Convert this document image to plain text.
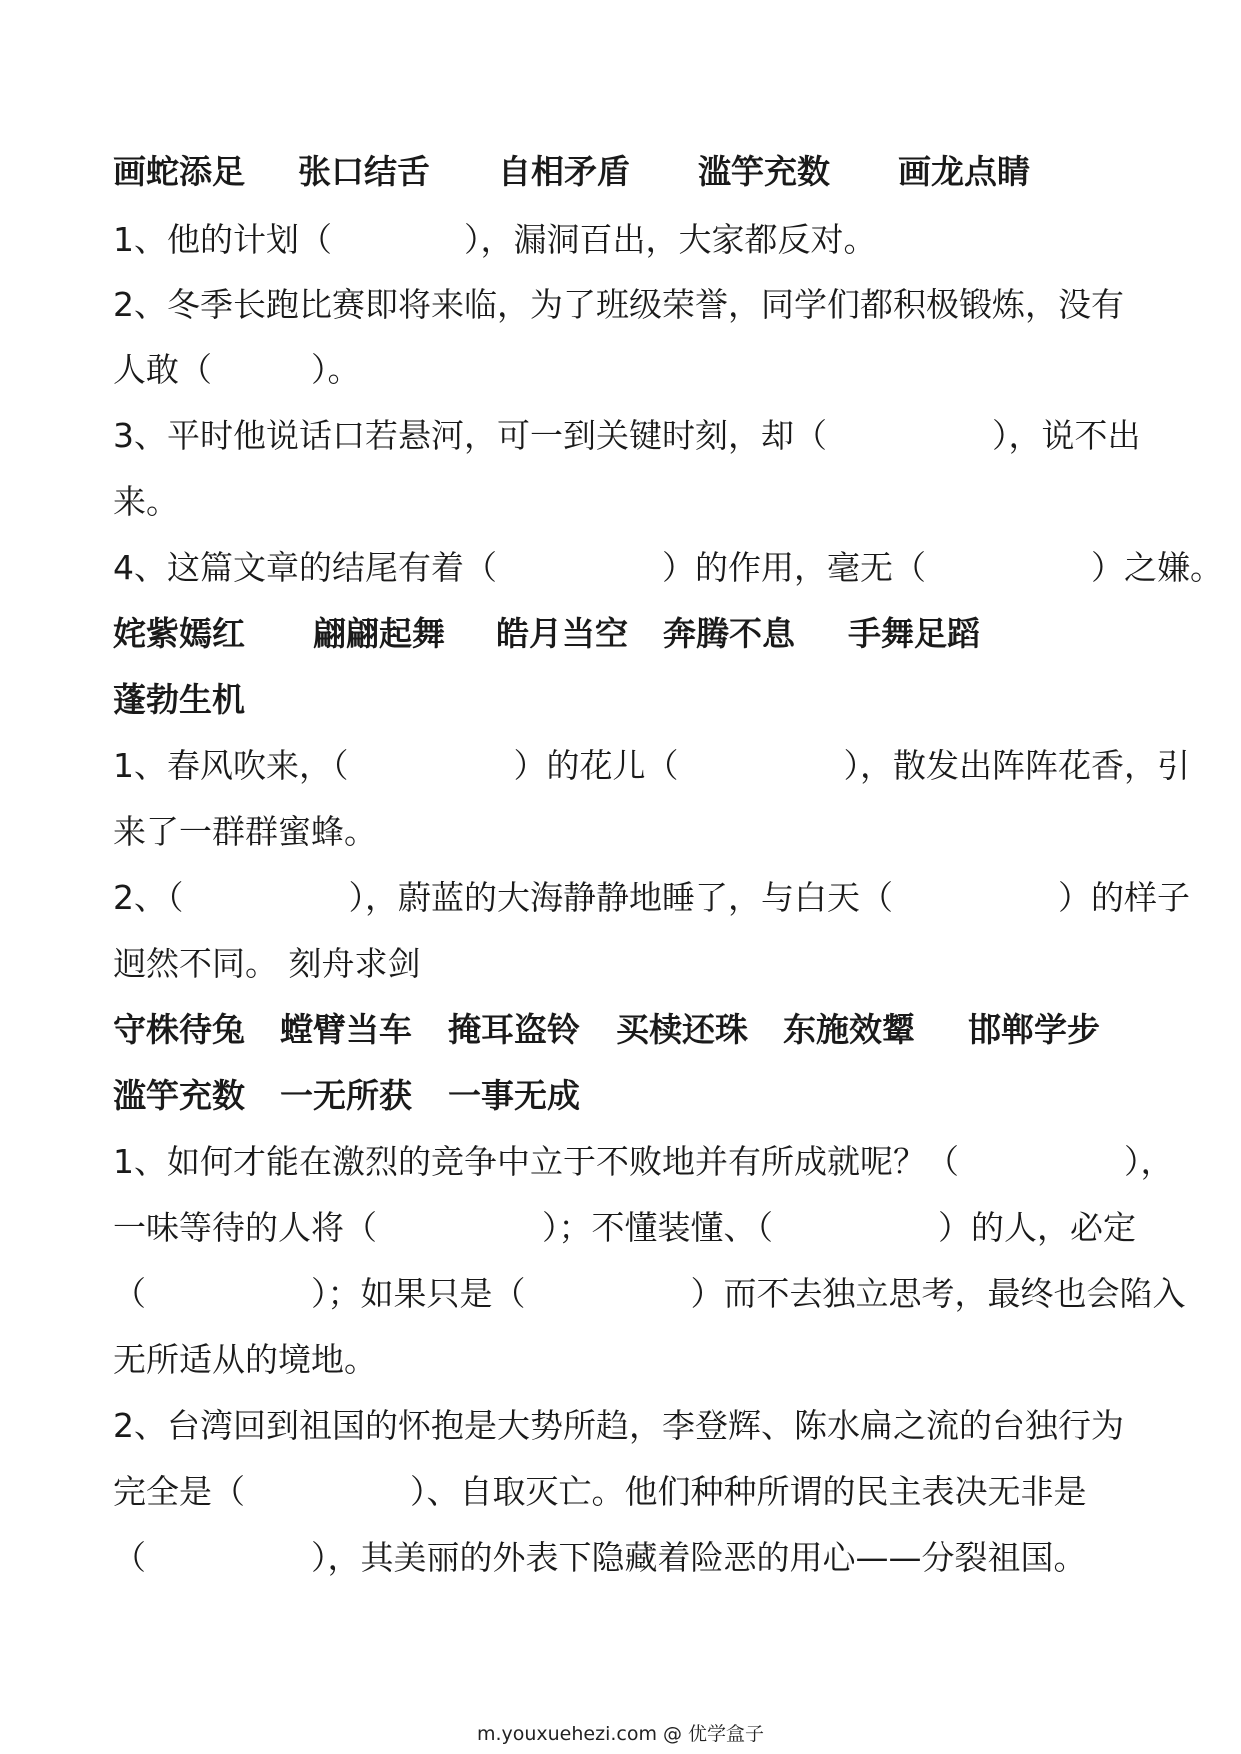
画蛇添足 张口结舌 自相矛盾 滥竽充数 画龙点睛
1、他的计划（　　　　），漏洞百出，大家都反对。
2、冬季长跑比赛即将来临，为了班级荣誉，同学们都积极锻炼，没有
人敢（　　　）。
3、平时他说话口若悬河，可一到关键时刻，却（　　　　　），说不出
来。
4、这篇文章的结尾有着（　　　　　）的作用，毫无（　　　　　）之嫌。
姹紫嫣红 翩翩起舞 皓月当空 奔腾不息 手舞足蹈
蓬勃生机
1、春风吹来，（　　　　　）的花儿（　　　　　），散发出阵阵花香，引
来了一群群蜜蜂。
2、（　　　　　），蔚蓝的大海静静地睡了，与白天（　　　　　）的样子
迥然不同。 刻舟求剑
守株待兔 螳臂当车 掩耳盗铃 买椟还珠 东施效颦 邯郸学步
滥竽充数 一无所获 一事无成
1、如何才能在激烈的竞争中立于不败地并有所成就呢？（　　　　　），
一味等待的人将（　　　　　）；不懂装懂、（　　　　　）的人，必定
（　　　　　）；如果只是（　　　　　）而不去独立思考，最终也会陷入
无所适从的境地。
2、台湾回到祖国的怀抱是大势所趋，李登辉、陈水扁之流的台独行为
完全是（　　　　　）、自取灭亡。他们种种所谓的民主表决无非是
（　　　　　），其美丽的外表下隐藏着险恶的用心——分裂祖国。
m.youxuehezi.com @ 优学盒子
